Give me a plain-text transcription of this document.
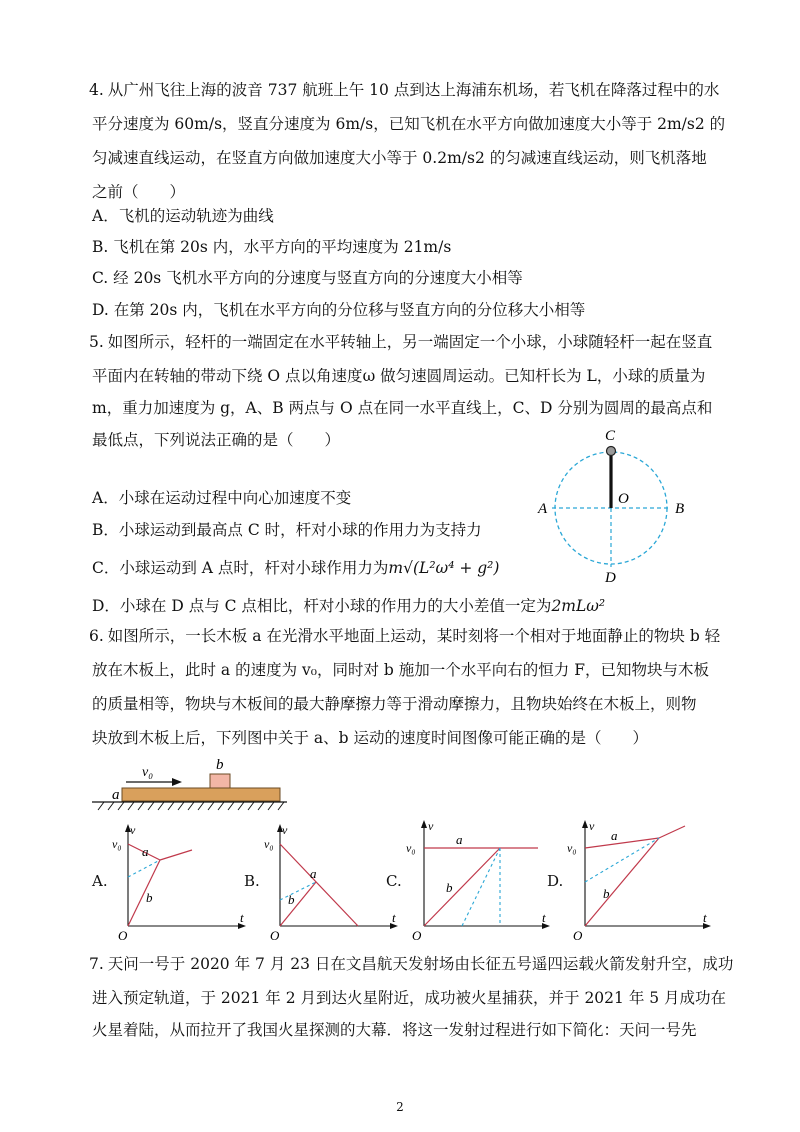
4. 从广州飞往上海的波音 737 航班上午 10 点到达上海浦东机场，若飞机在降落过程中的水
平分速度为 60m/s，竖直分速度为 6m/s，已知飞机在水平方向做加速度大小等于 2m/s2 的
匀减速直线运动，在竖直方向做加速度大小等于 0.2m/s2 的匀减速直线运动，则飞机落地
之前（　　）
A．飞机的运动轨迹为曲线
B. 飞机在第 20s 内，水平方向的平均速度为 21m/s
C. 经 20s 飞机水平方向的分速度与竖直方向的分速度大小相等
D. 在第 20s 内，飞机在水平方向的分位移与竖直方向的分位移大小相等
5. 如图所示，轻杆的一端固定在水平转轴上，另一端固定一个小球，小球随轻杆一起在竖直
平面内在转轴的带动下绕 O 点以角速度ω 做匀速圆周运动。已知杆长为 L，小球的质量为
m，重力加速度为 g，A、B 两点与 O 点在同一水平直线上，C、D 分别为圆周的最高点和
最低点，下列说法正确的是（　　）
A．小球在运动过程中向心加速度不变
B．小球运动到最高点 C 时，杆对小球的作用力为支持力
C．小球运动到 A 点时，杆对小球作用力为m√(L²ω⁴ + g²)
D．小球在 D 点与 C 点相比，杆对小球的作用力的大小差值一定为2mLω²
C
O
A	B
D
6. 如图所示，一长木板 a 在光滑水平地面上运动，某时刻将一个相对于地面静止的物块 b 轻
放在木板上，此时 a 的速度为 v₀，同时对 b 施加一个水平向右的恒力 F，已知物块与木板
的质量相等，物块与木板间的最大静摩擦力等于滑动摩擦力，且物块始终在木板上，则物
块放到木板上后，下列图中关于 a、b 运动的速度时间图像可能正确的是（　　）
v₀
a
b
A.
v
v₀ a
b
O
t
B.
v
v₀
a
b
O
t
C.
v
v₀
a
b
O
t
D.
v
v₀
a
b
O
t
7. 天问一号于 2020 年 7 月 23 日在文昌航天发射场由长征五号遥四运载火箭发射升空，成功
进入预定轨道，于 2021 年 2 月到达火星附近，成功被火星捕获，并于 2021 年 5 月成功在
火星着陆，从而拉开了我国火星探测的大幕．将这一发射过程进行如下简化：天问一号先
2
